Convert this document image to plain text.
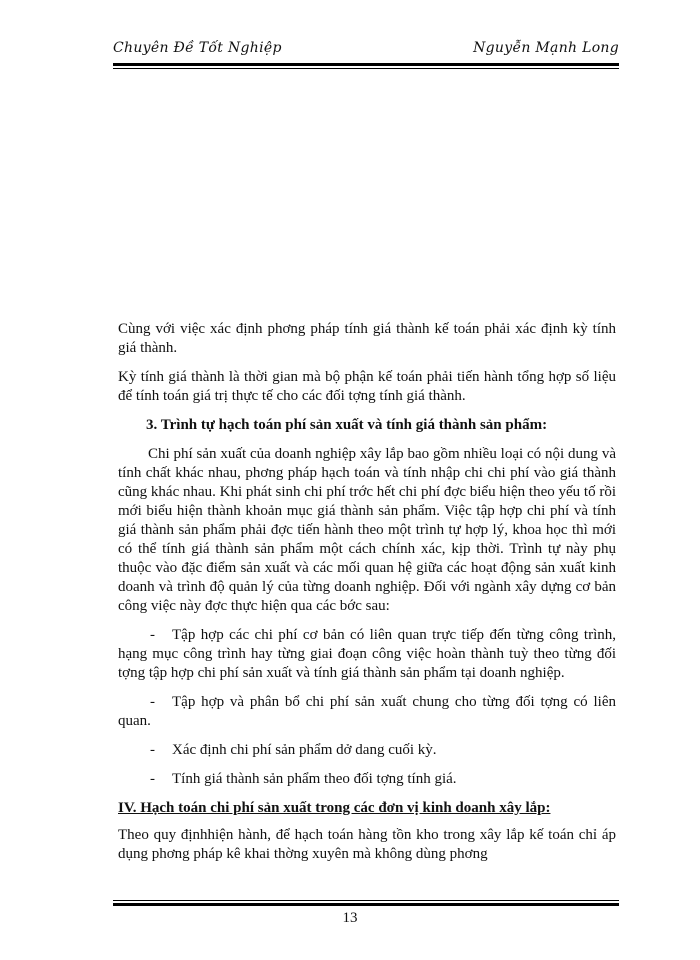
Chuyên Đề Tốt Nghiệp	Nguyễn Mạnh Long

Cùng với việc xác định phơng pháp tính giá thành kế toán phải xác định kỳ tính giá thành.

Kỳ tính giá thành là thời gian mà bộ phận kế toán phải tiến hành tổng hợp số liệu để tính toán giá trị thực tế cho các đối tợng tính giá thành.

3. Trình tự hạch toán phí sản xuất và tính giá thành sản phẩm:

Chi phí sản xuất của doanh nghiệp xây lắp bao gồm nhiều loại có nội dung và tính chất khác nhau, phơng pháp hạch toán và tính nhập chi chi phí vào giá thành cũng khác nhau. Khi phát sinh chi phí trớc hết chi phí đợc biểu hiện theo yếu tố rồi mới biểu hiện thành khoản mục giá thành sản phẩm. Việc tập hợp chi phí và tính giá thành sản phẩm phải đợc tiến hành theo một trình tự hợp lý, khoa học thì mới có thể tính giá thành sản phẩm một cách chính xác, kịp thời. Trình tự này phụ thuộc vào đặc điểm sản xuất và các mối quan hệ giữa các hoạt động sản xuất kinh doanh và trình độ quản lý của từng doanh nghiệp. Đối với ngành xây dựng cơ bản công việc này đợc thực hiện qua các bớc sau:

- Tập hợp các chi phí cơ bản có liên quan trực tiếp đến từng công trình, hạng mục công trình hay từng giai đoạn công việc hoàn thành tuỳ theo từng đối tợng tập hợp chi phí sản xuất và tính giá thành sản phẩm tại doanh nghiệp.

- Tập hợp và phân bổ chi phí sản xuất chung cho từng đối tợng có liên quan.

- Xác định chi phí sản phẩm dở dang cuối kỳ.

- Tính giá thành sản phẩm theo đối tợng tính giá.

IV. Hạch toán chi phí sản xuất trong các đơn vị kinh doanh xây lắp:

Theo quy địnhhiện hành, để hạch toán hàng tồn kho trong xây lắp kế toán chỉ áp dụng phơng pháp kê khai thờng xuyên mà không dùng phơng

13
